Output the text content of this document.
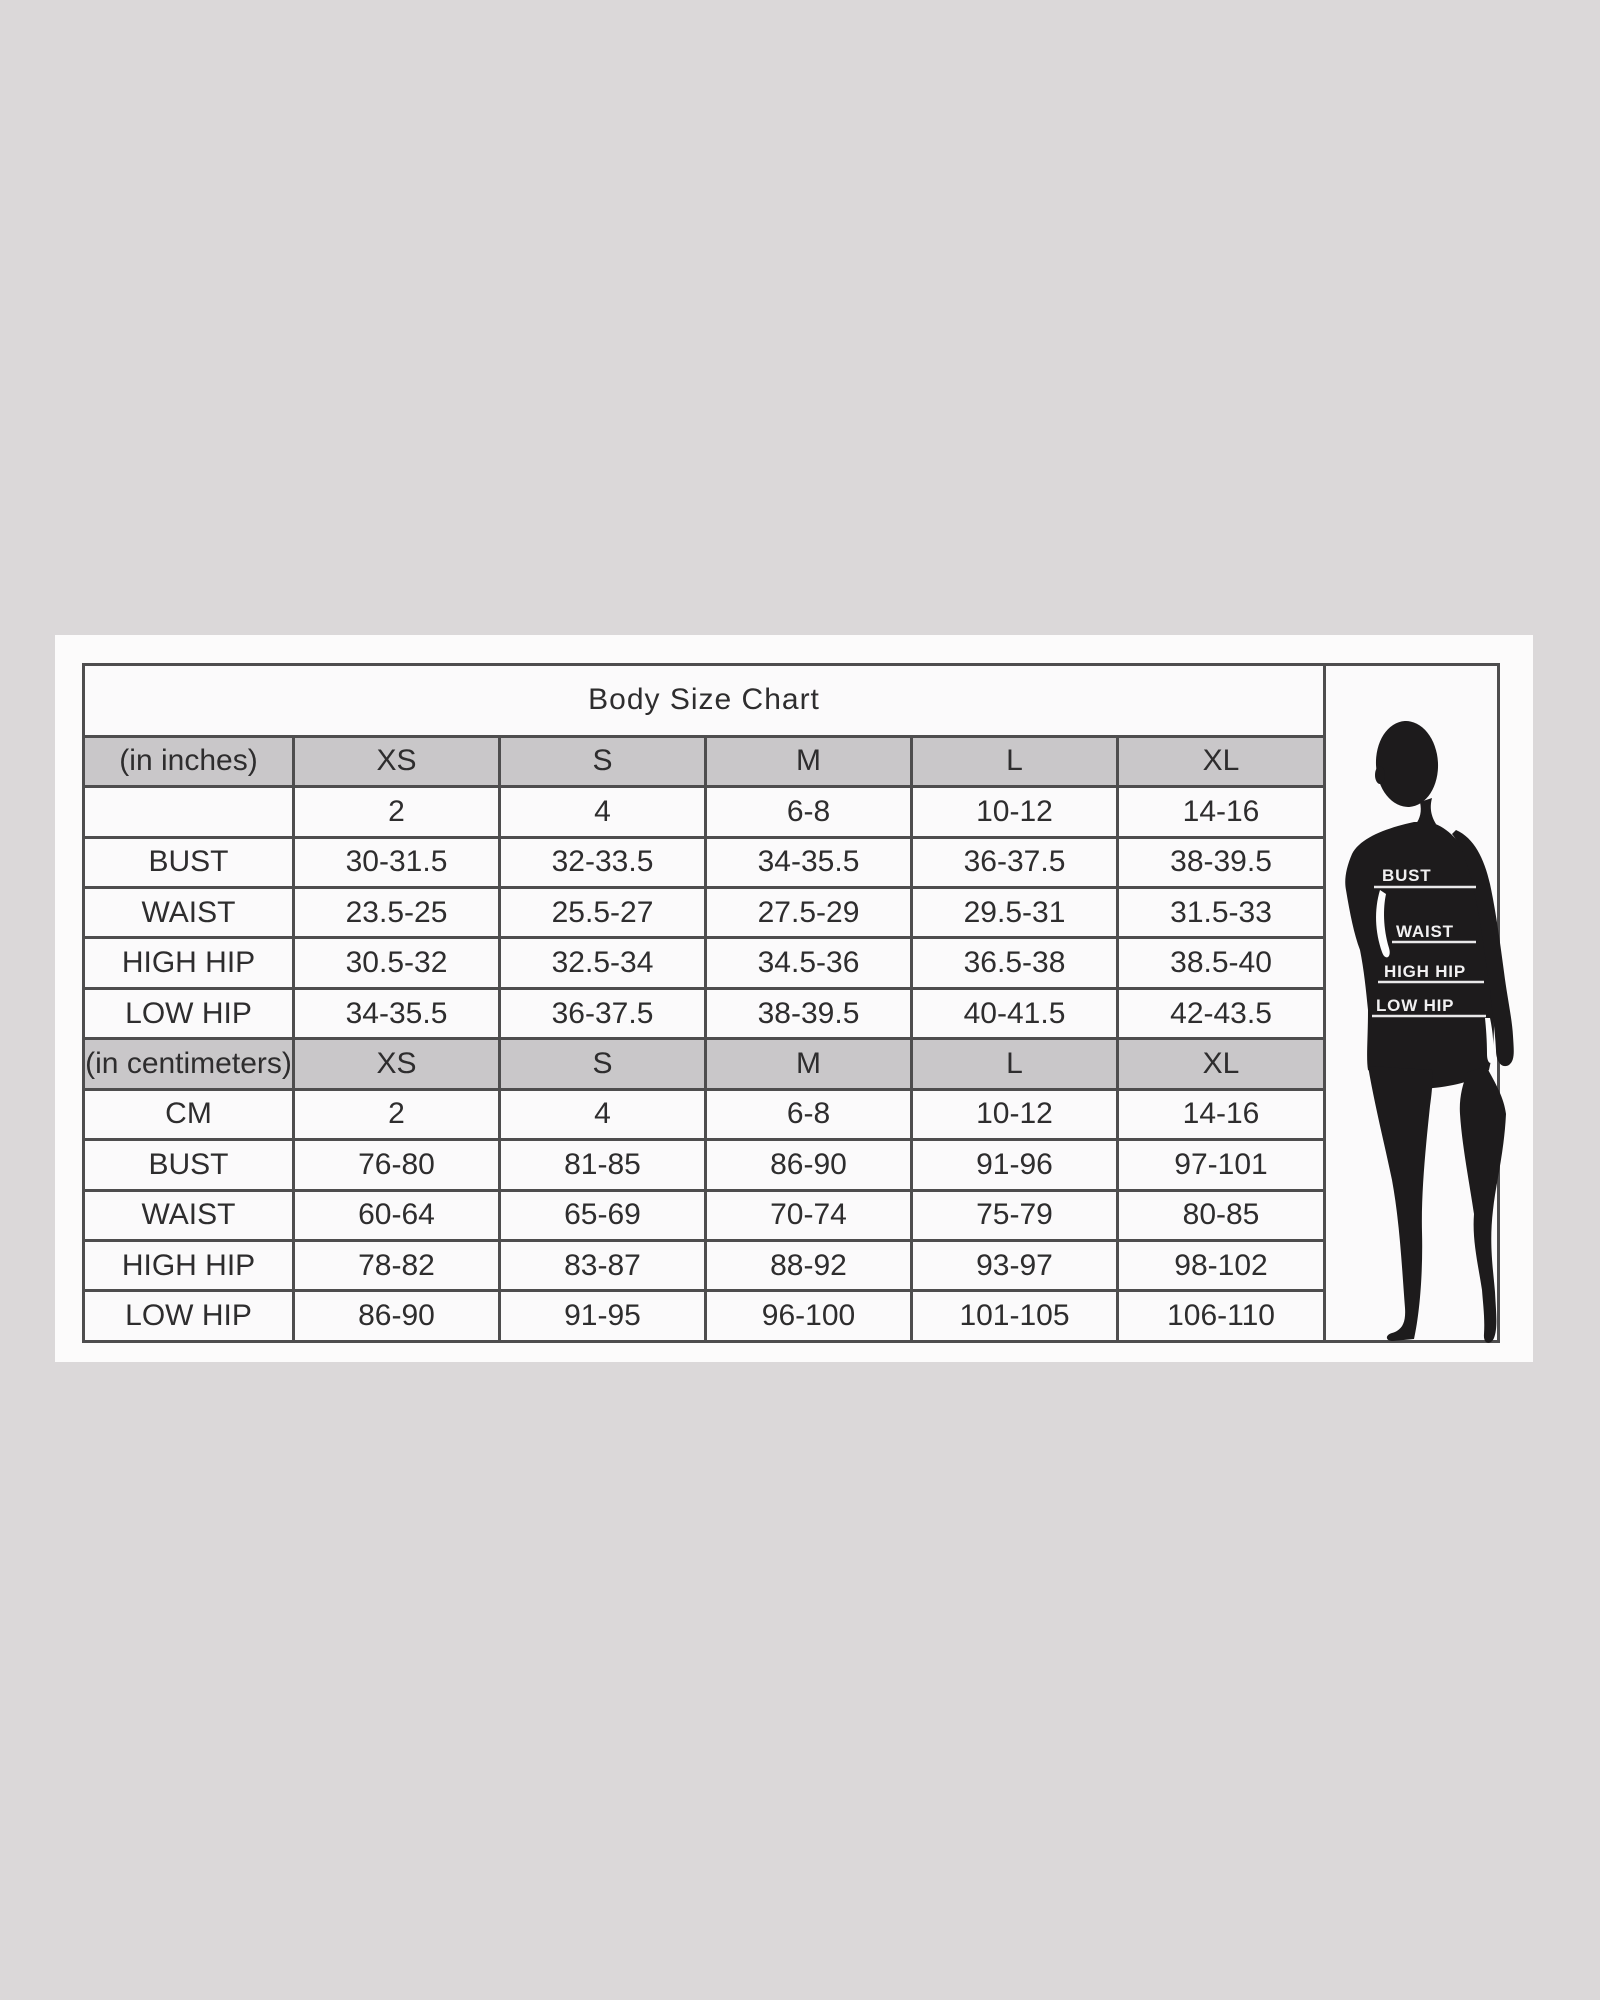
Body Size Chart						BUST
WAIST
HIGH HIP
LOW HIP

(in inches)	XS	S	M	L	XL	
	2	4	6-8	10-12	14-16	
BUST	30-31.5	32-33.5	34-35.5	36-37.5	38-39.5	
WAIST	23.5-25	25.5-27	27.5-29	29.5-31	31.5-33	
HIGH HIP	30.5-32	32.5-34	34.5-36	36.5-38	38.5-40	
LOW HIP	34-35.5	36-37.5	38-39.5	40-41.5	42-43.5	
(in centimeters)	XS	S	M	L	XL	
CM	2	4	6-8	10-12	14-16	
BUST	76-80	81-85	86-90	91-96	97-101	
WAIST	60-64	65-69	70-74	75-79	80-85	
HIGH HIP	78-82	83-87	88-92	93-97	98-102	
LOW HIP	86-90	91-95	96-100	101-105	106-110	
